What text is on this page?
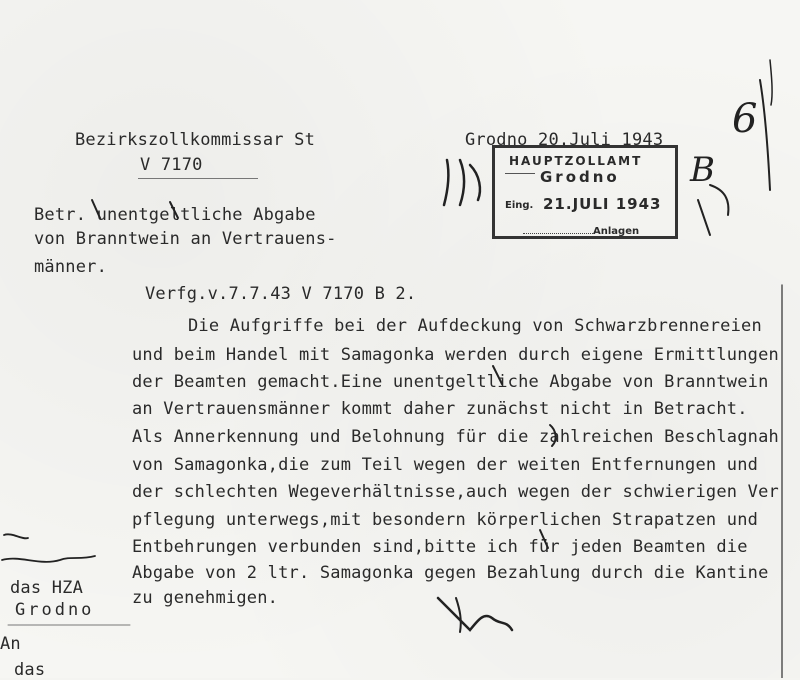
Bezirkszollkommissar St
V 7170
Grodno 20.Juli 1943
Betr. unentgeltliche Abgabe
von Branntwein an Vertrauens-
männer.
Verfg.v.7.7.43 V 7170 B 2.
Die Aufgriffe bei der Aufdeckung von Schwarzbrennereien
und beim Handel mit Samagonka werden durch eigene Ermittlungen
der Beamten gemacht.Eine unentgeltliche Abgabe von Branntwein
an Vertrauensmänner kommt daher zunächst nicht in Betracht.
Als Annerkennung und Belohnung für die zahlreichen Beschlagnah
von Samagonka,die zum Teil wegen der weiten Entfernungen und
der schlechten Wegeverhältnisse,auch wegen der schwierigen Ver
pflegung unterwegs,mit besondern körperlichen Strapatzen und
Entbehrungen verbunden sind,bitte ich für jeden Beamten die
Abgabe von 2 ltr. Samagonka gegen Bezahlung durch die Kantine
zu genehmigen.
das HZA
Grodno
An
das
HAUPTZOLLAMT
Grodno
Eing. 21.JULI 1943
Anlagen
6
B
